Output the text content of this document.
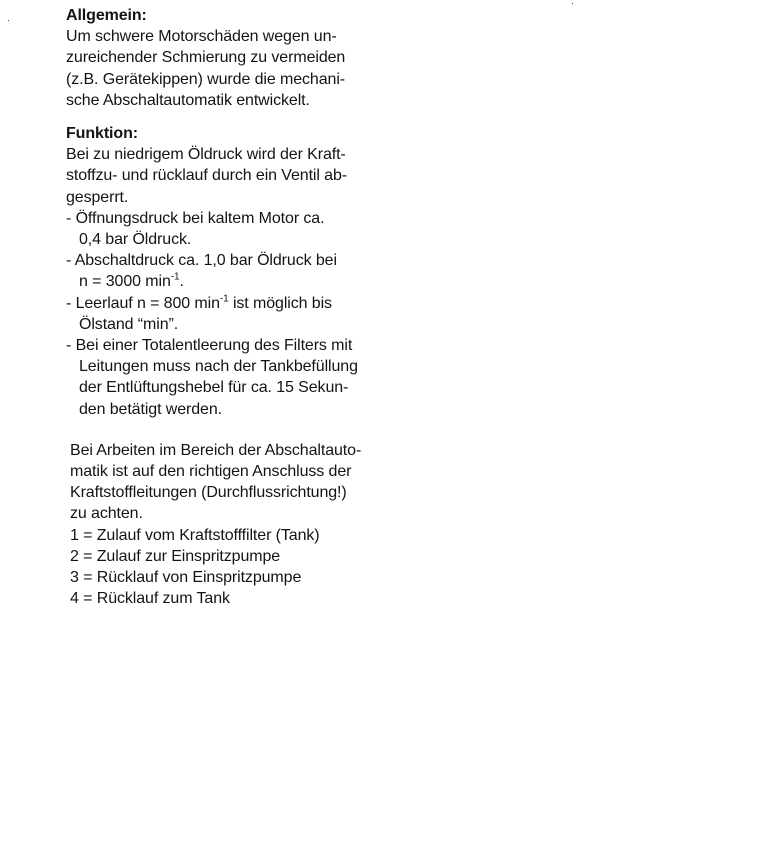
Allgemein:

Um schwere Motorschäden wegen un-

zureichender Schmierung zu vermeiden

(z.B. Gerätekippen) wurde die mechani-

sche Abschaltautomatik entwickelt.

Funktion:

Bei zu niedrigem Öldruck wird der Kraft-

stoffzu- und rücklauf durch ein Ventil ab-

gesperrt.

- Öffnungsdruck bei kaltem Motor ca.

0,4 bar Öldruck.

- Abschaltdruck ca. 1,0 bar Öldruck bei

n = 3000 $\min^{-1}$.

- Leerlauf n = 800 $\min^{-1}$ ist möglich bis

Ölstand “min”.

- Bei einer Totalentleerung des Filters mit

Leitungen muss nach der Tankbefüllung

der Entlüftungshebel für ca. 15 Sekun-

den betätigt werden.

Bei Arbeiten im Bereich der Abschaltauto-

matik ist auf den richtigen Anschluss der

Kraftstoffleitungen (Durchflussrichtung!)

zu achten.

1 = Zulauf vom Kraftstofffilter (Tank)

2 = Zulauf zur Einspritzpumpe

3 = Rücklauf von Einspritzpumpe

4 = Rücklauf zum Tank
